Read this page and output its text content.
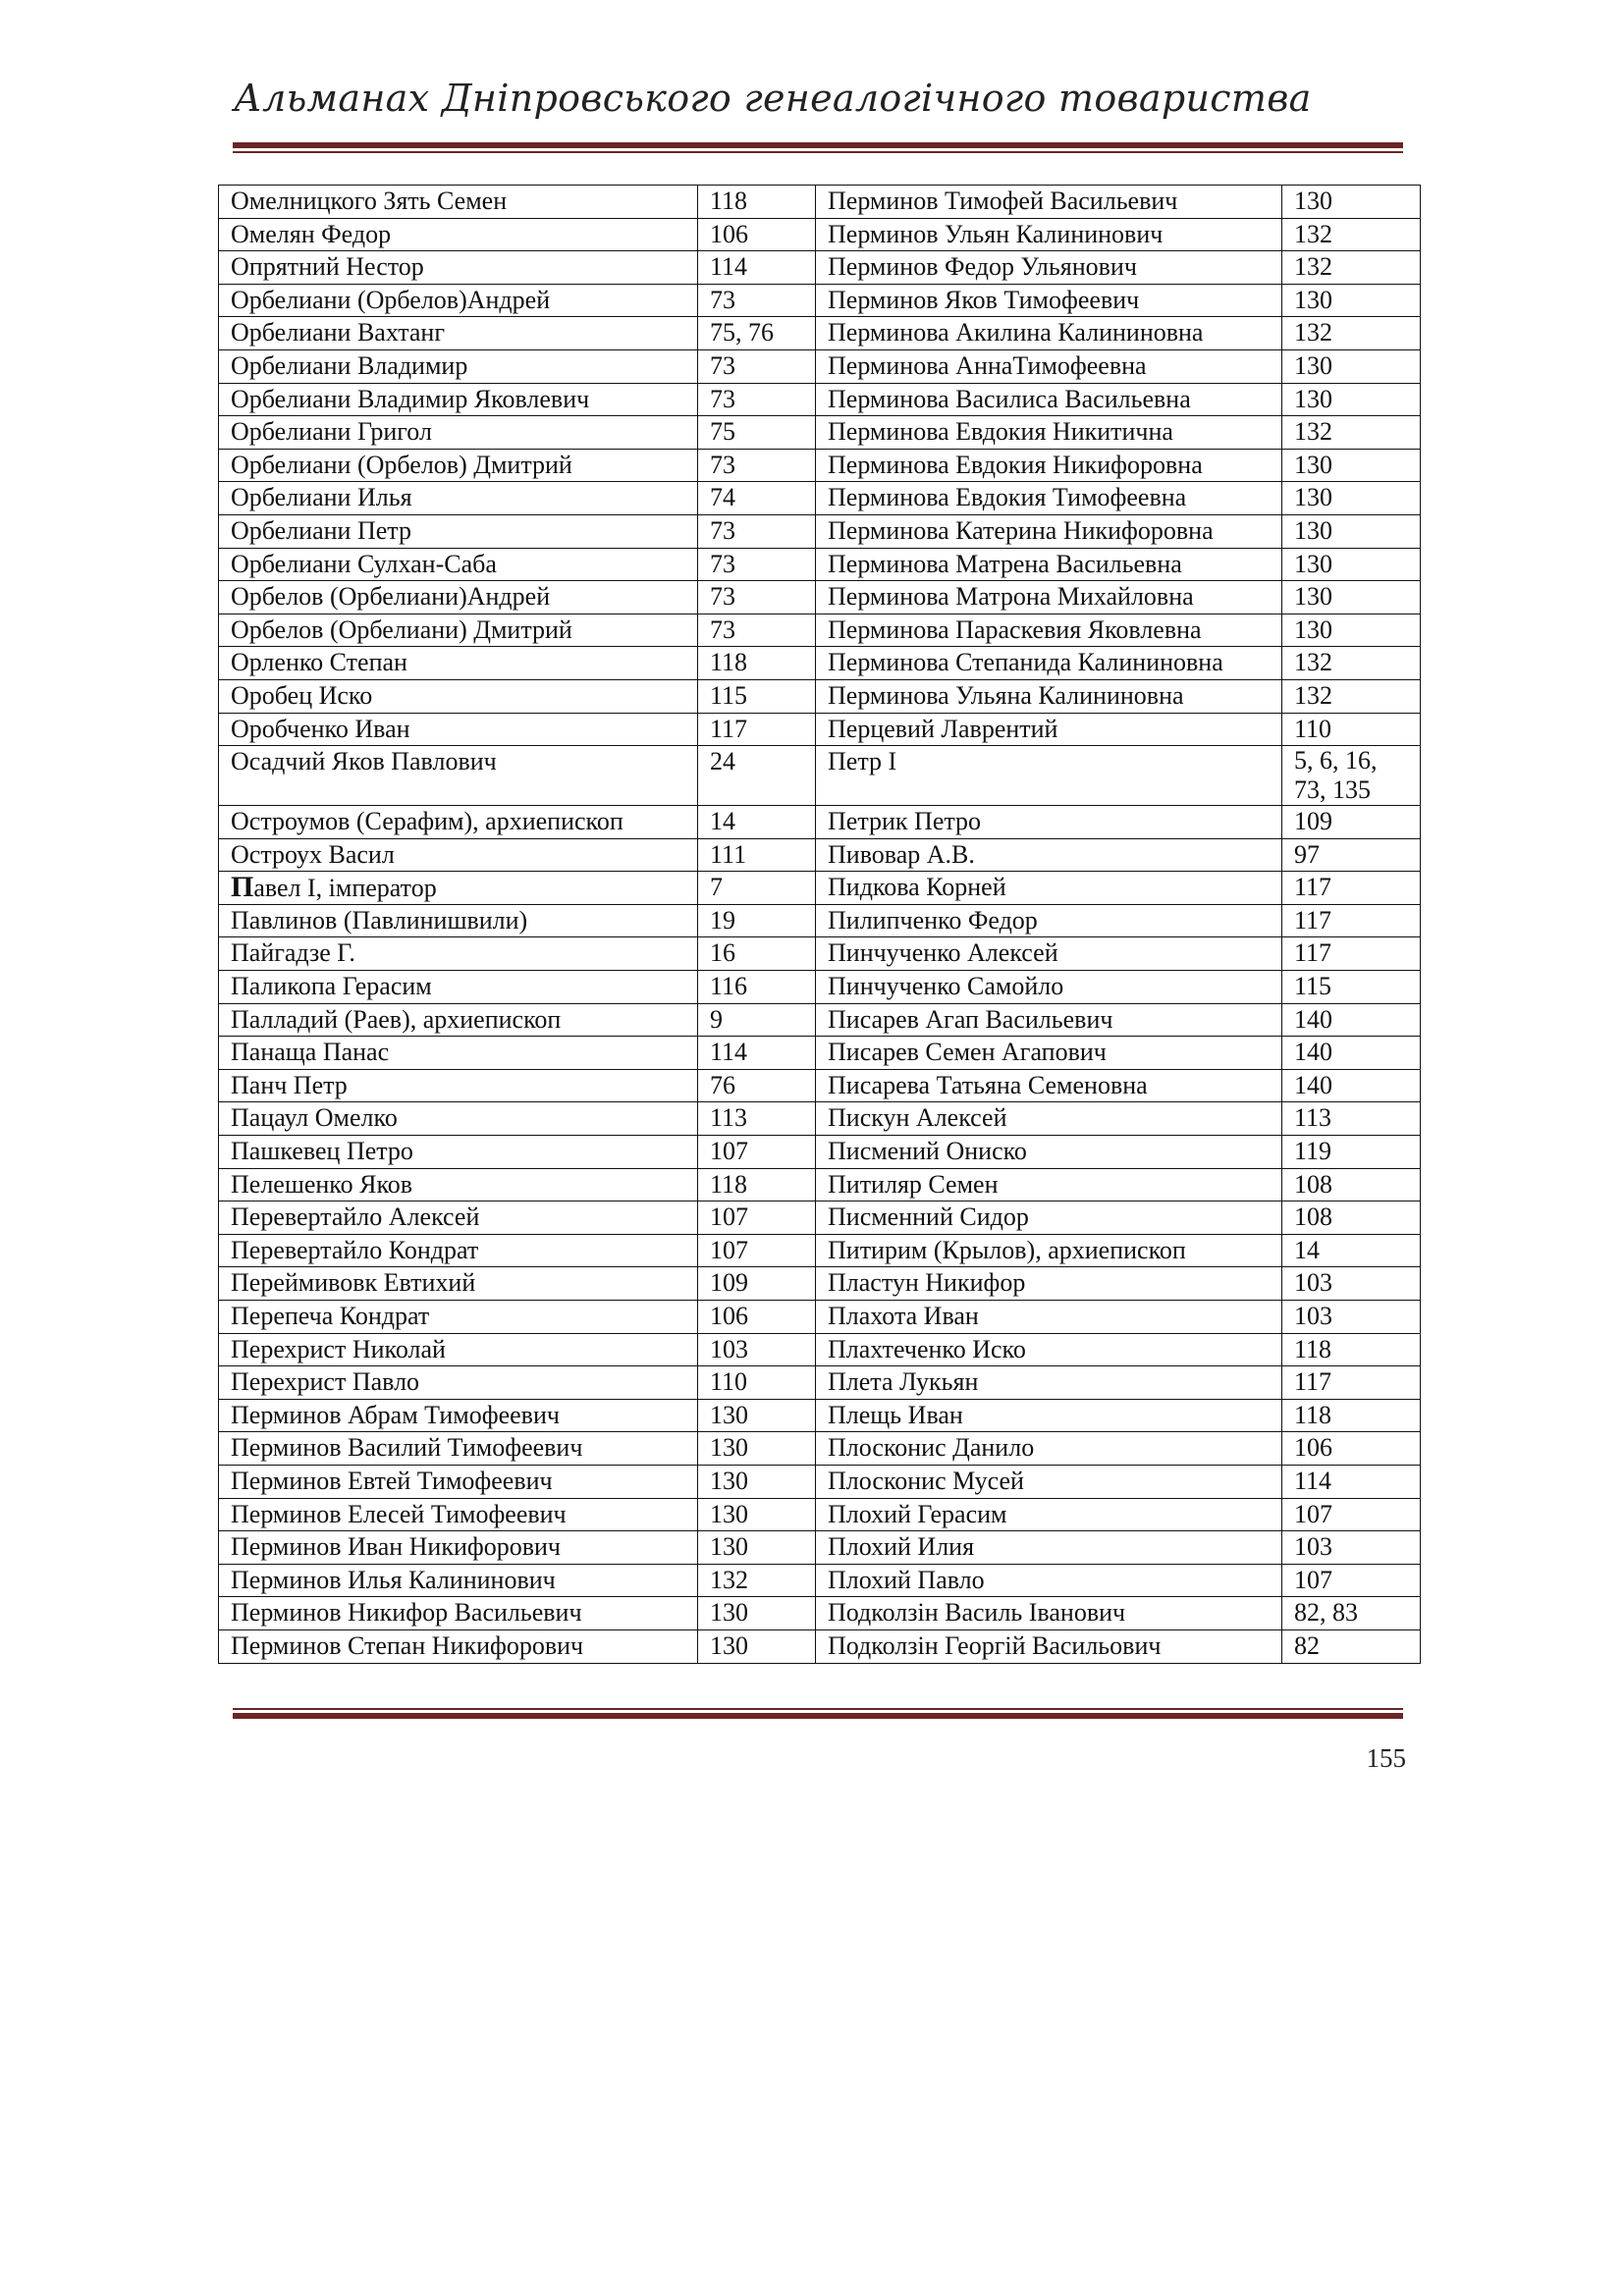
Альманах Дніпровського генеалогічного товариства
Омелницкого Зять Семен	118	Перминов Тимофей Васильевич	130
Омелян Федор	106	Перминов Ульян Калининович	132
Опрятний Нестор	114	Перминов Федор Ульянович	132
Орбелиани (Орбелов)Андрей	73	Перминов Яков Тимофеевич	130
Орбелиани Вахтанг	75, 76	Перминова Акилина Калининовна	132
Орбелиани Владимир	73	Перминова АннаТимофеевна	130
Орбелиани Владимир Яковлевич	73	Перминова Василиса Васильевна	130
Орбелиани Григол	75	Перминова Евдокия Никитична	132
Орбелиани (Орбелов) Дмитрий	73	Перминова Евдокия Никифоровна	130
Орбелиани Илья	74	Перминова Евдокия Тимофеевна	130
Орбелиани Петр	73	Перминова Катерина Никифоровна	130
Орбелиани Сулхан-Саба	73	Перминова Матрена Васильевна	130
Орбелов (Орбелиани)Андрей	73	Перминова Матрона Михайловна	130
Орбелов (Орбелиани) Дмитрий	73	Перминова Параскевия Яковлевна	130
Орленко Степан	118	Перминова Степанида Калининовна	132
Оробец Иско	115	Перминова Ульяна Калининовна	132
Оробченко Иван	117	Перцевий Лаврентий	110
Осадчий Яков Павлович	24	Петр I	5, 6, 16, 73, 135
Остроумов (Серафим), архиепископ	14	Петрик Петро	109
Остроух Васил	111	Пивовар А.В.	97
Павел І, імператор	7	Пидкова Корней	117
Павлинов (Павлинишвили)	19	Пилипченко Федор	117
Пайгадзе Г.	16	Пинчученко Алексей	117
Паликопа Герасим	116	Пинчученко Самойло	115
Палладий (Раев), архиепископ	9	Писарев Агап Васильевич	140
Панаща Панас	114	Писарев Семен Агапович	140
Панч Петр	76	Писарева Татьяна Семеновна	140
Пацаул Омелко	113	Пискун Алексей	113
Пашкевец Петро	107	Писмений Ониско	119
Пелешенко Яков	118	Питиляр Семен	108
Перевертайло Алексей	107	Писменний Сидор	108
Перевертайло Кондрат	107	Питирим (Крылов), архиепископ	14
Переймивовк Евтихий	109	Пластун Никифор	103
Перепеча Кондрат	106	Плахота Иван	103
Перехрист Николай	103	Плахтеченко Иско	118
Перехрист Павло	110	Плета Лукьян	117
Перминов Абрам Тимофеевич	130	Плещь Иван	118
Перминов Василий Тимофеевич	130	Плосконис Данило	106
Перминов Евтей Тимофеевич	130	Плосконис Мусей	114
Перминов Елесей Тимофеевич	130	Плохий Герасим	107
Перминов Иван Никифорович	130	Плохий Илия	103
Перминов Илья Калининович	132	Плохий Павло	107
Перминов Никифор Васильевич	130	Подколзін Василь Іванович	82, 83
Перминов Степан Никифорович	130	Подколзін Георгій Васильович	82
155
